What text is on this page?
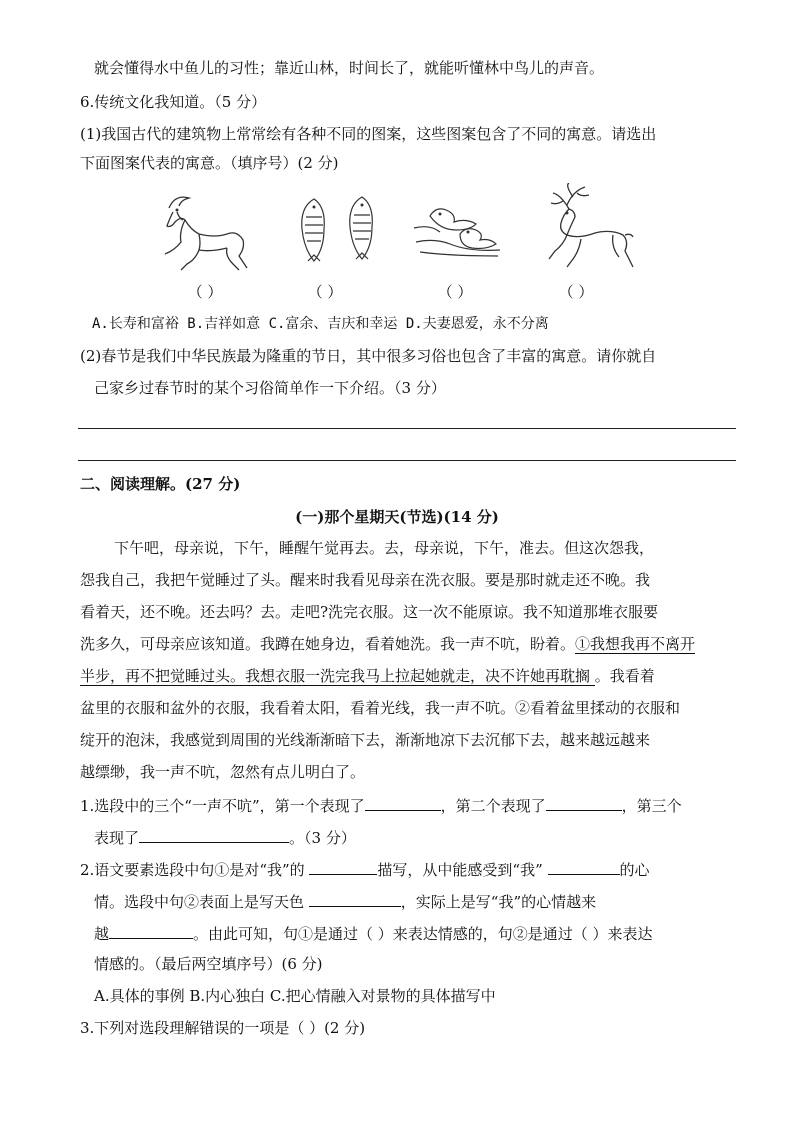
就会懂得水中鱼儿的习性；靠近山林，时间长了，就能听懂林中鸟儿的声音。
6.传统文化我知道。（5 分）
(1)我国古代的建筑物上常常绘有各种不同的图案，这些图案包含了不同的寓意。请选出
下面图案代表的寓意。（填序号）(2 分)
（ ）	（ ）	（ ）	（ ）
A.长寿和富裕 B.吉祥如意 C.富余、吉庆和幸运 D.夫妻恩爱，永不分离
(2)春节是我们中华民族最为隆重的节日，其中很多习俗也包含了丰富的寓意。请你就自
己家乡过春节时的某个习俗简单作一下介绍。（3 分）
二、阅读理解。(27 分)
(一)那个星期天(节选)(14 分)
下午吧，母亲说，下午，睡醒午觉再去。去，母亲说，下午，准去。但这次怨我，
怨我自己，我把午觉睡过了头。醒来时我看见母亲在洗衣服。要是那时就走还不晚。我
看着天，还不晚。还去吗？去。走吧?洗完衣服。这一次不能原谅。我不知道那堆衣服要
洗多久，可母亲应该知道。我蹲在她身边，看着她洗。我一声不吭，盼着。①我想我再不离开
半步，再不把觉睡过头。我想衣服一洗完我马上拉起她就走，决不许她再耽搁 。我看着
盆里的衣服和盆外的衣服，我看着太阳，看着光线，我一声不吭。②看着盆里揉动的衣服和
绽开的泡沫，我感觉到周围的光线渐渐暗下去，渐渐地凉下去沉郁下去，越来越远越来
越缥缈，我一声不吭，忽然有点儿明白了。
1.选段中的三个“一声不吭”，第一个表现了	，第二个表现了	，第三个
表现了	。（3 分）
2.语文要素选段中句①是对“我”的	描写，从中能感受到“我”	的心
情。选段中句②表面上是写天色	，实际上是写“我”的心情越来
越	。由此可知，句①是通过（ ）来表达情感的，句②是通过（ ）来表达
情感的。（最后两空填序号）(6 分)
A.具体的事例 B.内心独白 C.把心情融入对景物的具体描写中
3.下列对选段理解错误的一项是（ ）(2 分)
